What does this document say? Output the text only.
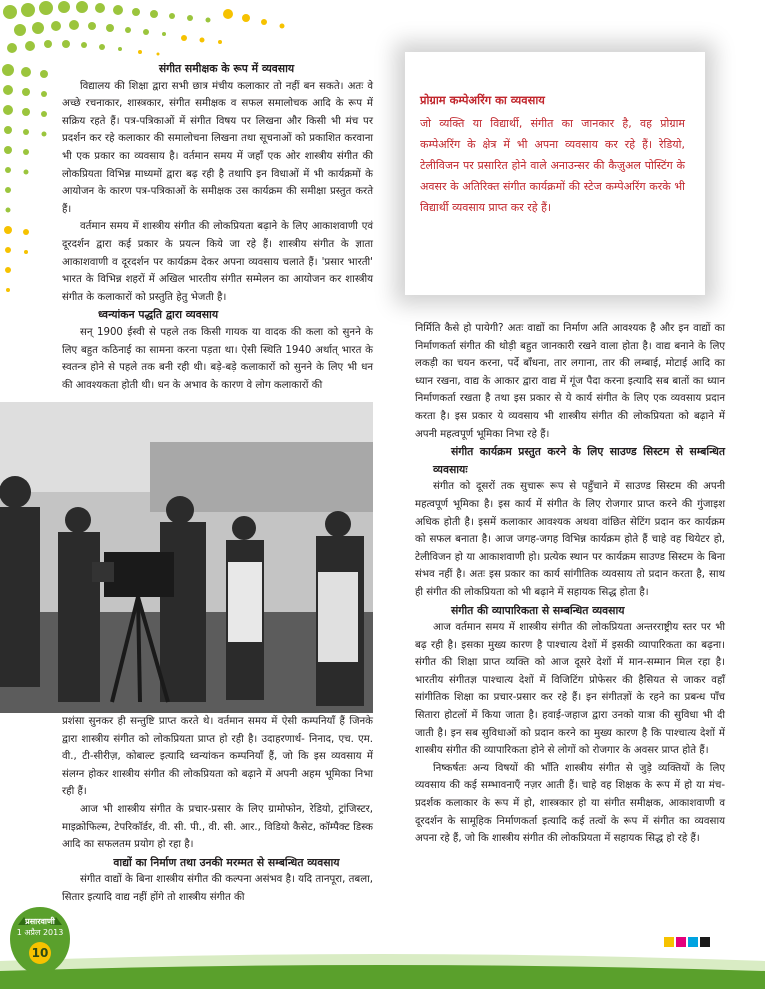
संगीत समीक्षक के रूप में व्यवसाय

विद्यालय की शिक्षा द्वारा सभी छात्र मंचीय कलाकार तो नहीं बन सकते। अतः वे अच्छे रचनाकार, शास्त्रकार, संगीत समीक्षक व सफल समालोचक आदि के रूप में सक्रिय रहते हैं। पत्र-पत्रिकाओं में संगीत विषय पर लिखना और किसी भी मंच पर प्रदर्शन कर रहे कलाकार की समालोचना लिखना तथा सूचनाओं को प्रकाशित करवाना भी एक प्रकार का व्यवसाय है। वर्तमान समय में जहाँ एक ओर शास्त्रीय संगीत की लोकप्रियता विभिन्न माध्यमों द्वारा बढ़ रही है तथापि इन विधाओं में भी कार्यक्रमों के आयोजन के कारण पत्र-पत्रिकाओं के समीक्षक उस कार्यक्रम की समीक्षा प्रस्तुत करते हैं।

वर्तमान समय में शास्त्रीय संगीत की लोकप्रियता बढ़ाने के लिए आकाशवाणी एवं दूरदर्शन द्वारा कई प्रकार के प्रयत्न किये जा रहे हैं। शास्त्रीय संगीत के ज्ञाता आकाशवाणी व दूरदर्शन पर कार्यक्रम देकर अपना व्यवसाय चलाते हैं। 'प्रसार भारती' भारत के विभिन्न शहरों में अखिल भारतीय संगीत सम्मेलन का आयोजन कर शास्त्रीय संगीत के कलाकारों को प्रस्तुति हेतु भेजती है।

ध्वन्यांकन पद्धति द्वारा व्यवसाय

सन् 1900 ईस्वी से पहले तक किसी गायक या वादक की कला को सुनने के लिए बहुत कठिनाई का सामना करना पड़ता था। ऐसी स्थिति 1940 अर्थात् भारत के स्वतन्त्र होने से पहले तक बनी रही थी। बड़े-बड़े कलाकारों को सुनने के लिए भी धन की आवश्यकता होती थी। धन के अभाव के कारण वे लोग कलाकारों की

प्रशंसा सुनकर ही सन्तुष्टि प्राप्त करते थे। वर्तमान समय में ऐसी कम्पनियाँ हैं जिनके द्वारा शास्त्रीय संगीत को लोकप्रियता प्राप्त हो रही है। उदाहरणार्थ- निनाद, एच. एम. वी., टी-सीरीज़, कोबाल्ट इत्यादि ध्वन्यांकन कम्पनियाँ हैं, जो कि इस व्यवसाय में संलग्न होकर शास्त्रीय संगीत की लोकप्रियता को बढ़ाने में अपनी अहम भूमिका निभा रही हैं।

आज भी शास्त्रीय संगीत के प्रचार-प्रसार के लिए ग्रामोफोन, रेडियो, ट्रांजिस्टर, माइक्रोफिल्म, टेपरिकॉर्डर, वी. सी. पी., वी. सी. आर., विडियो कैसेट, कॉम्पैक्ट डिस्क आदि का सफलतम प्रयोग हो रहा है।

वाद्यों का निर्माण तथा उनकी मरम्मत से सम्बन्धित व्यवसाय

संगीत वाद्यों के बिना शास्त्रीय संगीत की कल्पना असंभव है। यदि तानपूरा, तबला, सितार इत्यादि वाद्य नहीं होंगे तो शास्त्रीय संगीत की

प्रोग्राम कम्पेअरिंग का व्यवसाय
जो व्यक्ति या विद्यार्थी, संगीत का जानकार है, वह प्रोग्राम कम्पेअरिंग के क्षेत्र में भी अपना व्यवसाय कर रहे हैं। रेडियो, टेलीविजन पर प्रसारित होने वाले अनाउन्सर की कैज़ुअल पोस्टिंग के अवसर के अतिरिक्त संगीत कार्यक्रमों की स्टेज कम्पेअरिंग करके भी विद्यार्थी व्यवसाय प्राप्त कर रहे हैं।

निर्मिति कैसे हो पायेगी? अतः वाद्यों का निर्माण अति आवश्यक है और इन वाद्यों का निर्माणकर्ता संगीत की थोड़ी बहुत जानकारी रखने वाला होता है। वाद्य बनाने के लिए लकड़ी का चयन करना, पर्दे बाँधना, तार लगाना, तार की लम्बाई, मोटाई आदि का ध्यान रखना, वाद्य के आकार द्वारा वाद्य में गूंज पैदा करना इत्यादि सब बातों का ध्यान निर्माणकर्ता रखता है तथा इस प्रकार से ये कार्य संगीत के लिए एक व्यवसाय प्रदान करता है। इस प्रकार ये व्यवसाय भी शास्त्रीय संगीत की लोकप्रियता को बढ़ाने में अपनी महत्वपूर्ण भूमिका निभा रहे हैं।

संगीत कार्यक्रम प्रस्तुत करने के लिए साउण्ड सिस्टम से सम्बन्धित व्यवसायः

संगीत को दूसरों तक सुचारू रूप से पहुँचाने में साउण्ड सिस्टम की अपनी महत्वपूर्ण भूमिका है। इस कार्य में संगीत के लिए रोजगार प्राप्त करने की गुंजाइश अधिक होती है। इसमें कलाकार आवश्यक अथवा वांछित सेटिंग प्रदान कर कार्यक्रम को सफल बनाता है। आज जगह-जगह विभिन्न कार्यक्रम होते हैं चाहे वह थियेटर हो, टेलीविजन हो या आकाशवाणी हो। प्रत्येक स्थान पर कार्यक्रम साउण्ड सिस्टम के बिना संभव नहीं है। अतः इस प्रकार का कार्य सांगीतिक व्यवसाय तो प्रदान करता है, साथ ही संगीत की लोकप्रियता को भी बढ़ाने में सहायक सिद्ध होता है।

संगीत की व्यापारिकता से सम्बन्धित व्यवसाय

आज वर्तमान समय में शास्त्रीय संगीत की लोकप्रियता अन्तरराष्ट्रीय स्तर पर भी बढ़ रही है। इसका मुख्य कारण है पाश्चात्य देशों में इसकी व्यापारिकता का बढ़ना। संगीत की शिक्षा प्राप्त व्यक्ति को आज दूसरे देशों में मान-सम्मान मिल रहा है। भारतीय संगीतज्ञ पाश्चात्य देशों में विजिटिंग प्रोफेसर की हैसियत से जाकर वहाँ सांगीतिक शिक्षा का प्रचार-प्रसार कर रहे हैं। इन संगीतज्ञों के रहने का प्रबन्ध पाँच सितारा होटलों में किया जाता है। हवाई-जहाज द्वारा उनको यात्रा की सुविधा भी दी जाती है। इन सब सुविधाओं को प्रदान करने का मुख्य कारण है कि पाश्चात्य देशों में शास्त्रीय संगीत की व्यापारिकता होने से लोगों को रोजगार के अवसर प्राप्त होते हैं।

निष्कर्षतः अन्य विषयों की भाँति शास्त्रीय संगीत से जुड़े व्यक्तियों के लिए व्यवसाय की कई सम्भावनाएँ नज़र आती हैं। चाहे वह शिक्षक के रूप में हो या मंच-प्रदर्शक कलाकार के रूप में हो, शास्त्रकार हो या संगीत समीक्षक, आकाशवाणी व दूरदर्शन के सामूहिक निर्माणकर्ता इत्यादि कई तत्वों के रूप में संगीत का व्यवसाय अपना रहे हैं, जो कि शास्त्रीय संगीत की लोकप्रियता में सहायक सिद्ध हो रहे हैं।

प्रसारवाणी
1 अप्रैल 2013
10
